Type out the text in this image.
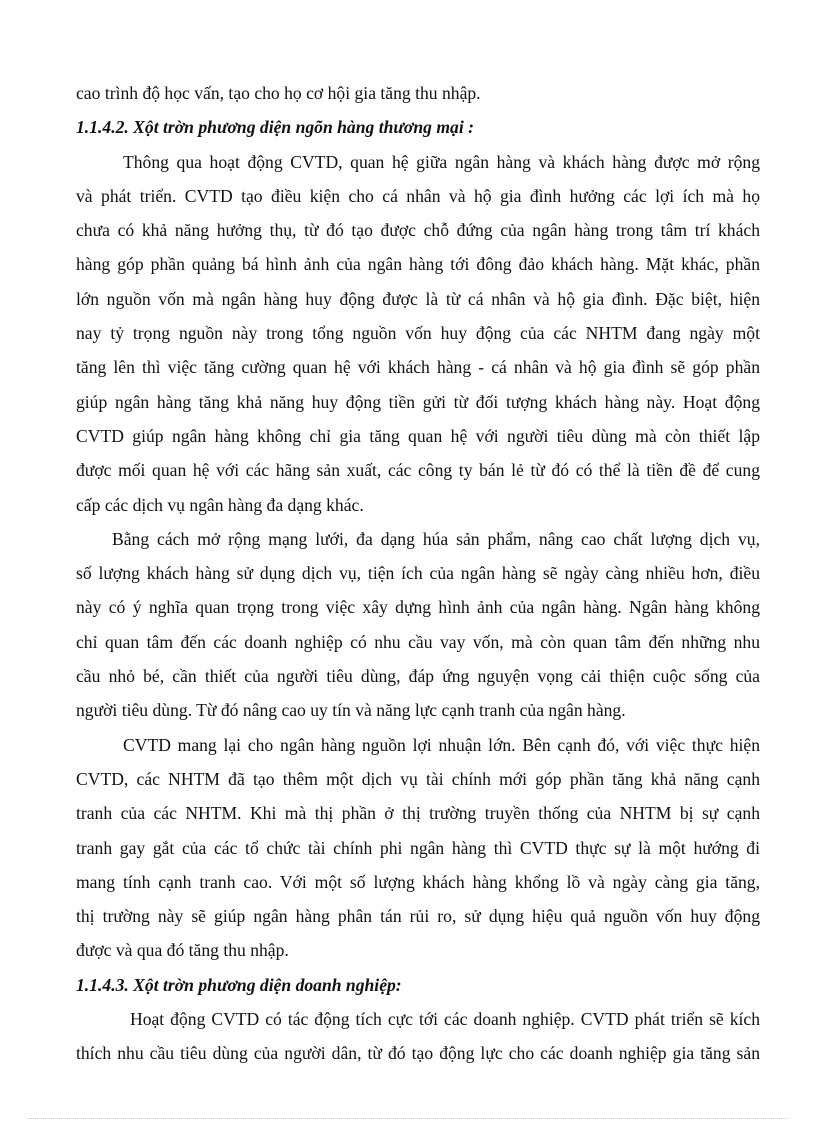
cao trình độ học vấn, tạo cho họ cơ hội gia tăng thu nhập.
1.1.4.2. Xột trờn phương diện ngõn hàng thương mại :
Thông qua hoạt động CVTD, quan hệ giữa ngân hàng và khách hàng được mở rộng
và phát triển. CVTD tạo điều kiện cho cá nhân và hộ gia đình hưởng các lợi ích mà họ
chưa có khả năng hưởng thụ, từ đó tạo được chỗ đứng của ngân hàng trong tâm trí khách
hàng góp phần quảng bá hình ảnh của ngân hàng tới đông đảo khách hàng. Mặt khác, phần
lớn nguồn vốn mà ngân hàng huy động được là từ cá nhân và hộ gia đình. Đặc biệt, hiện
nay tỷ trọng nguồn này trong tổng nguồn vốn huy động của các NHTM đang ngày một
tăng lên thì việc tăng cường quan hệ với khách hàng - cá nhân và hộ gia đình sẽ góp phần
giúp ngân hàng tăng khả năng huy động tiền gửi từ đối tượng khách hàng này. Hoạt động
CVTD giúp ngân hàng không chỉ gia tăng quan hệ với người tiêu dùng mà còn thiết lập
được mối quan hệ với các hãng sản xuất, các công ty bán lẻ từ đó có thể là tiền đề để cung
cấp các dịch vụ ngân hàng đa dạng khác.
Bằng cách mở rộng mạng lưới, đa dạng húa sản phẩm, nâng cao chất lượng dịch vụ,
số lượng khách hàng sử dụng dịch vụ, tiện ích của ngân hàng sẽ ngày càng nhiều hơn, điều
này có ý nghĩa quan trọng trong việc xây dựng hình ảnh của ngân hàng. Ngân hàng không
chỉ quan tâm đến các doanh nghiệp có nhu cầu vay vốn, mà còn quan tâm đến những nhu
cầu nhỏ bé, cần thiết của người tiêu dùng, đáp ứng nguyện vọng cải thiện cuộc sống của
người tiêu dùng. Từ đó nâng cao uy tín và năng lực cạnh tranh của ngân hàng.
CVTD mang lại cho ngân hàng nguồn lợi nhuận lớn. Bên cạnh đó, với việc thực hiện
CVTD, các NHTM đã tạo thêm một dịch vụ tài chính mới góp phần tăng khả năng cạnh
tranh của các NHTM. Khi mà thị phần ở thị trường truyền thống của NHTM bị sự cạnh
tranh gay gắt của các tổ chức tài chính phi ngân hàng thì CVTD thực sự là một hướng đi
mang tính cạnh tranh cao. Với một số lượng khách hàng khổng lồ và ngày càng gia tăng,
thị trường này sẽ giúp ngân hàng phân tán rủi ro, sử dụng hiệu quả nguồn vốn huy động
được và qua đó tăng thu nhập.
1.1.4.3. Xột trờn phương diện doanh nghiệp:
Hoạt động CVTD có tác động tích cực tới các doanh nghiệp. CVTD phát triển sẽ kích
thích nhu cầu tiêu dùng của người dân, từ đó tạo động lực cho các doanh nghiệp gia tăng sản
